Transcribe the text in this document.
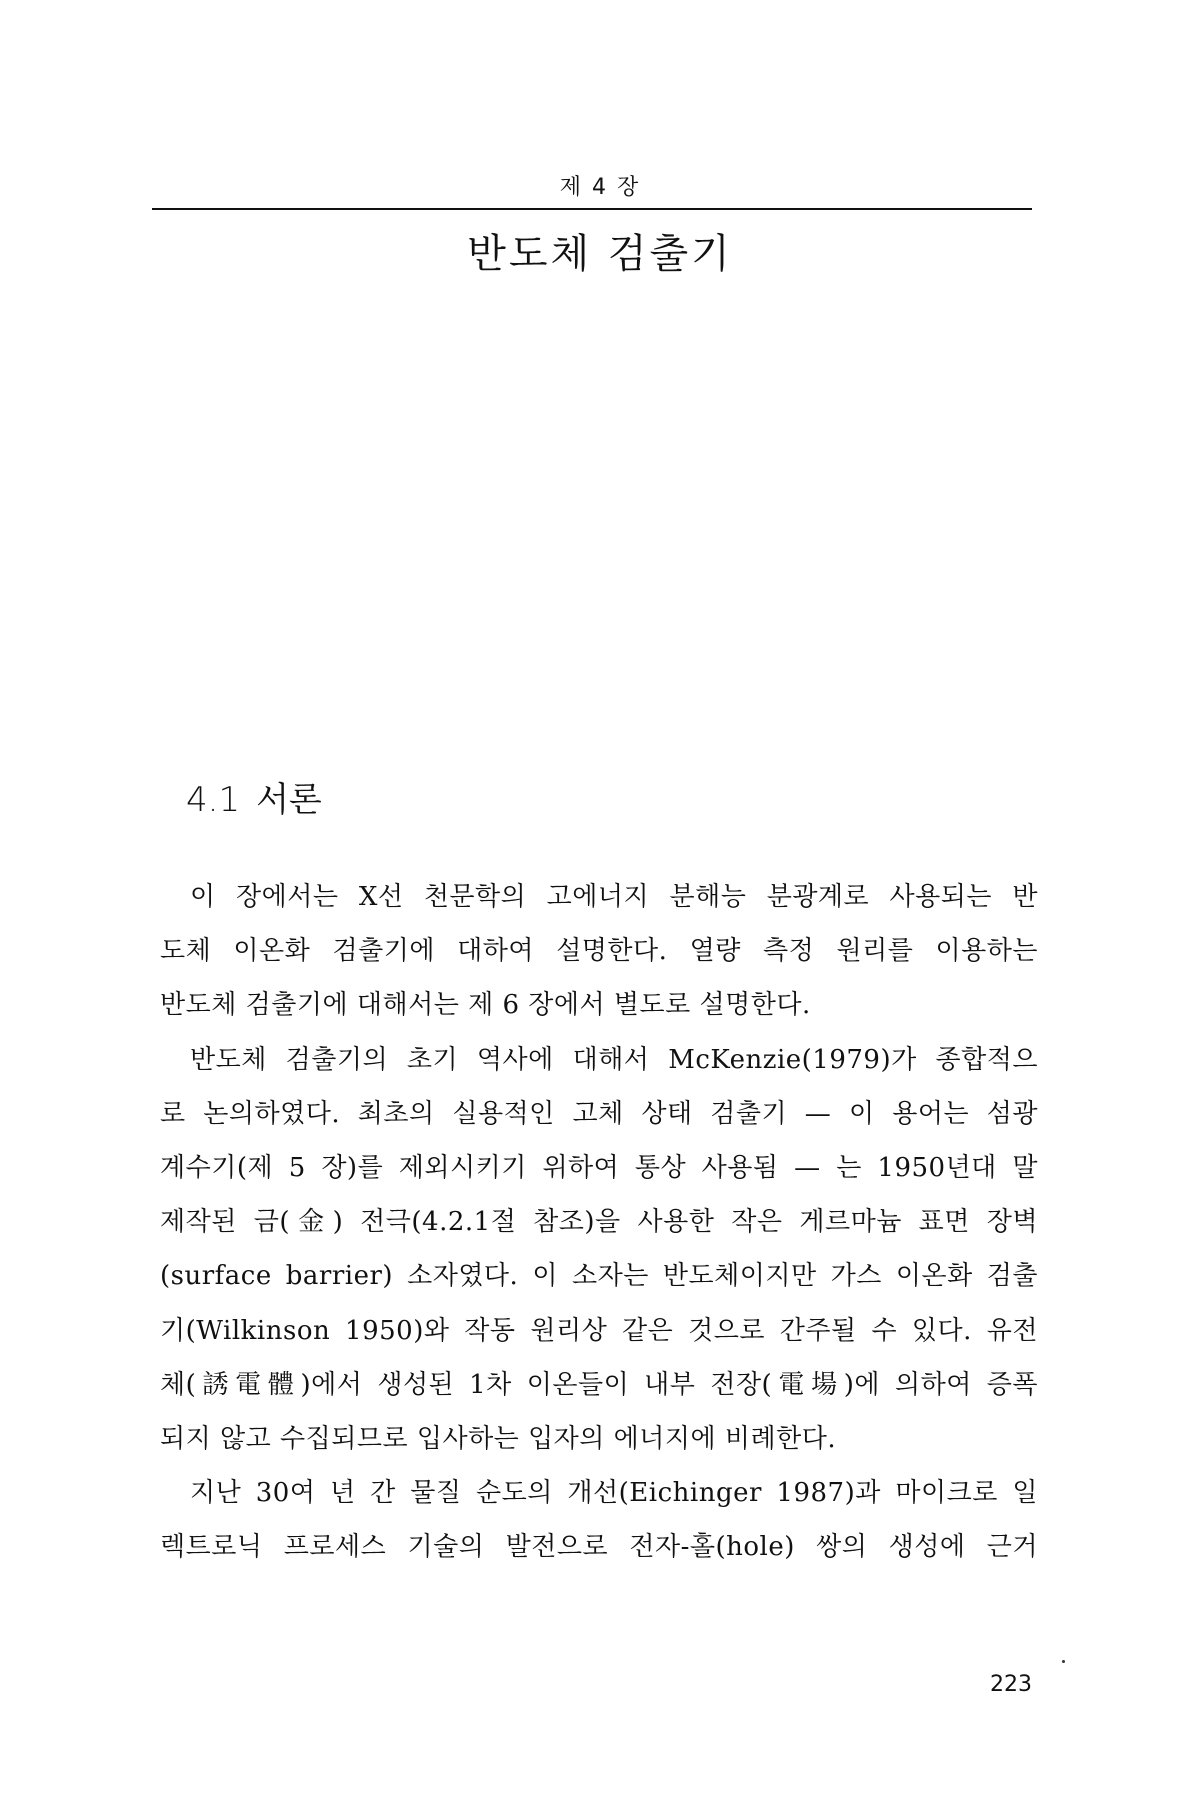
제 4 장
반도체 검출기
4.1 서론
이 장에서는 X선 천문학의 고에너지 분해능 분광계로 사용되는 반
도체 이온화 검출기에 대하여 설명한다. 열량 측정 원리를 이용하는
반도체 검출기에 대해서는 제 6 장에서 별도로 설명한다.
반도체 검출기의 초기 역사에 대해서 McKenzie(1979)가 종합적으
로 논의하였다. 최초의 실용적인 고체 상태 검출기 — 이 용어는 섬광
계수기(제 5 장)를 제외시키기 위하여 통상 사용됨 — 는 1950년대 말
제작된 금(金) 전극(4.2.1절 참조)을 사용한 작은 게르마늄 표면 장벽
(surface barrier) 소자였다. 이 소자는 반도체이지만 가스 이온화 검출
기(Wilkinson 1950)와 작동 원리상 같은 것으로 간주될 수 있다. 유전
체(誘電體)에서 생성된 1차 이온들이 내부 전장(電場)에 의하여 증폭
되지 않고 수집되므로 입사하는 입자의 에너지에 비례한다.
지난 30여 년 간 물질 순도의 개선(Eichinger 1987)과 마이크로 일
렉트로닉 프로세스 기술의 발전으로 전자-홀(hole) 쌍의 생성에 근거
223
